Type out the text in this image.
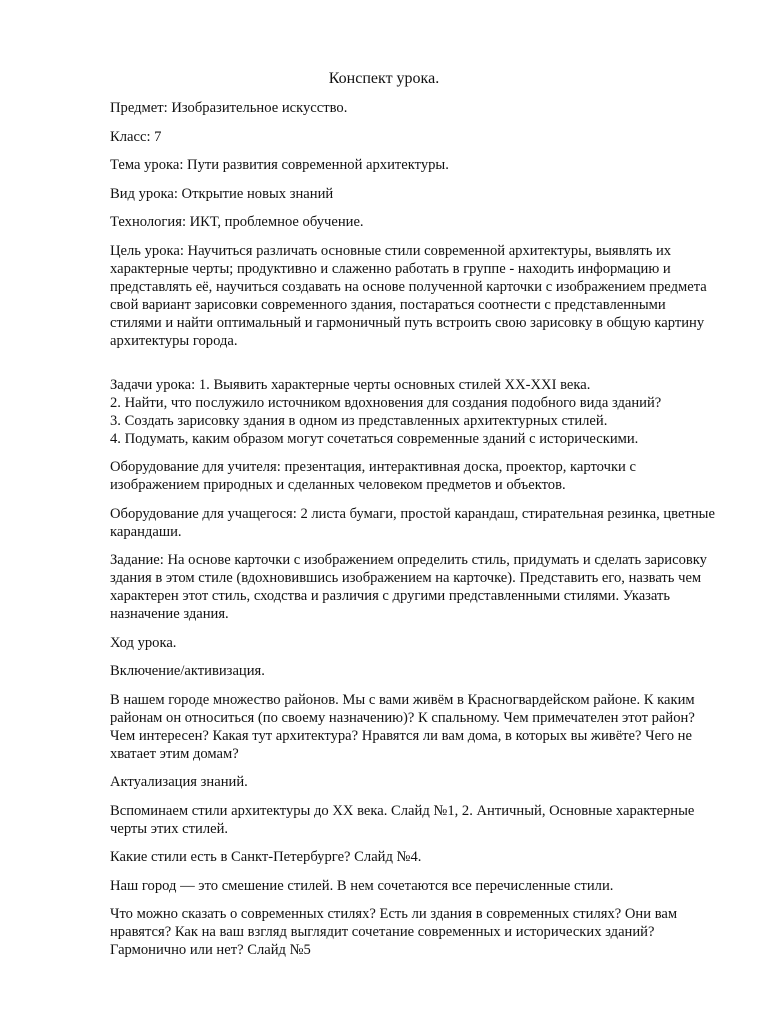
Конспект урока.

Предмет: Изобразительное искусство.

Класс: 7

Тема урока: Пути развития современной архитектуры.

Вид урока: Открытие новых знаний

Технология: ИКТ, проблемное обучение.

Цель урока: Научиться различать основные стили современной архитектуры, выявлять их характерные черты; продуктивно и слаженно работать в группе - находить информацию и представлять её, научиться создавать на основе полученной карточки с изображением предмета свой вариант зарисовки современного здания, постараться соотнести с представленными стилями и найти оптимальный и гармоничный путь встроить свою зарисовку в общую картину архитектуры города.

Задачи урока: 1. Выявить характерные черты основных стилей XX-XXI века.
2. Найти, что послужило источником вдохновения для создания подобного вида зданий?
3. Создать зарисовку здания в одном из представленных архитектурных стилей.
4. Подумать, каким образом могут сочетаться современные зданий с историческими.

Оборудование для учителя: презентация, интерактивная доска, проектор, карточки с изображением природных и сделанных человеком предметов и объектов.

Оборудование для учащегося: 2 листа бумаги, простой карандаш, стирательная резинка, цветные карандаши.

Задание: На основе карточки с изображением определить стиль, придумать и сделать зарисовку здания в этом стиле (вдохновившись изображением на карточке). Представить его, назвать чем характерен этот стиль, сходства и различия с другими представленными стилями. Указать назначение здания.

Ход урока.

Включение/активизация.

В нашем городе множество районов. Мы с вами живём в Красногвардейском районе. К каким районам он относиться (по своему назначению)? К спальному. Чем примечателен этот район? Чем интересен? Какая тут архитектура? Нравятся ли вам дома, в которых вы живёте? Чего не хватает этим домам?

Актуализация знаний.

Вспоминаем стили архитектуры до XX века. Слайд №1, 2. Античный, Основные характерные черты этих стилей.

Какие стили есть в Санкт-Петербурге? Слайд №4.

Наш город — это смешение стилей. В нем сочетаются все перечисленные стили.

Что можно сказать о современных стилях? Есть ли здания в современных стилях? Они вам нравятся? Как на ваш взгляд выглядит сочетание современных и исторических зданий? Гармонично или нет? Слайд №5
